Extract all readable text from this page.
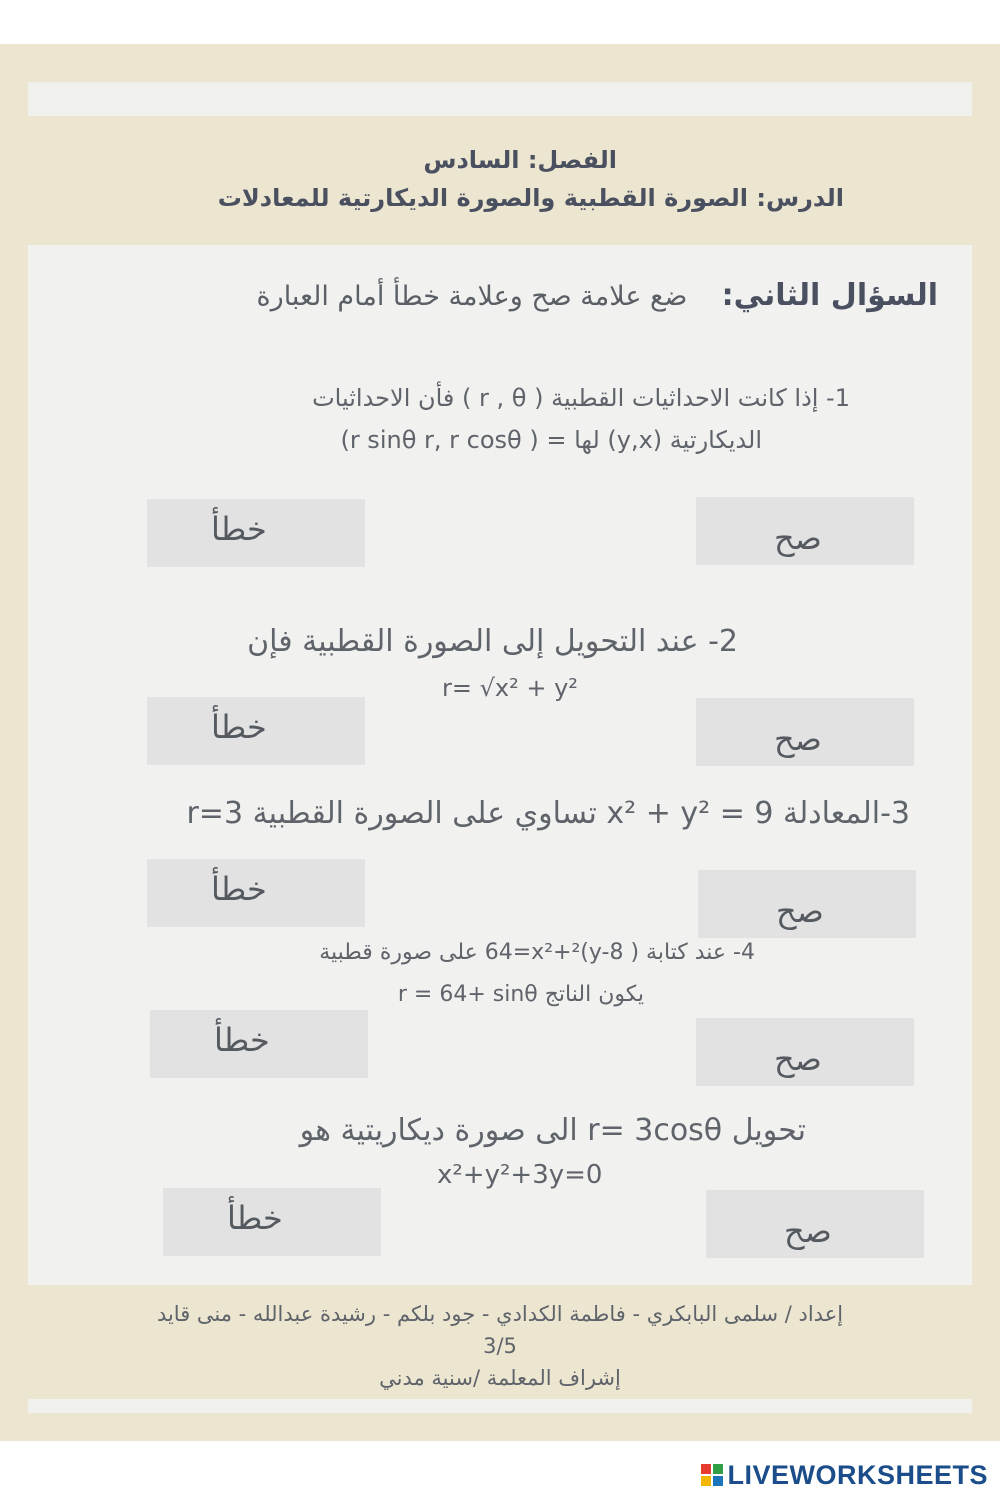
الفصل: السادس
الدرس: الصورة القطبية والصورة الديكارتية للمعادلات
السؤال الثاني:    ضع علامة صح وعلامة خطأ أمام العبارة
1- إذا كانت الاحداثيات القطبية ( r , θ ) فأن الاحداثيات
الديكارتية (y,x) لها = ( r sinθ r, r cosθ)
خطأ	صح
2- عند التحويل إلى الصورة القطبية فإن
r= √x² + y²
خطأ	صح
3-المعادلة 9 = x² + y² تساوي على الصورة القطبية r=3
خطأ
صح
4- عند كتابة ( y-8)64=x²+² على صورة قطبية
يكون الناتج r = 64+ sinθ
خطأ	صح
تحويل r= 3cosθ الى صورة ديكاريتية هو
x²+y²+3y=0
خطأ	صح
إعداد / سلمى البابكري - فاطمة الكدادي - جود بلكم - رشيدة عبدالله - منى قايد
3/5
إشراف المعلمة /سنية مدني
LIVEWORKSHEETS
